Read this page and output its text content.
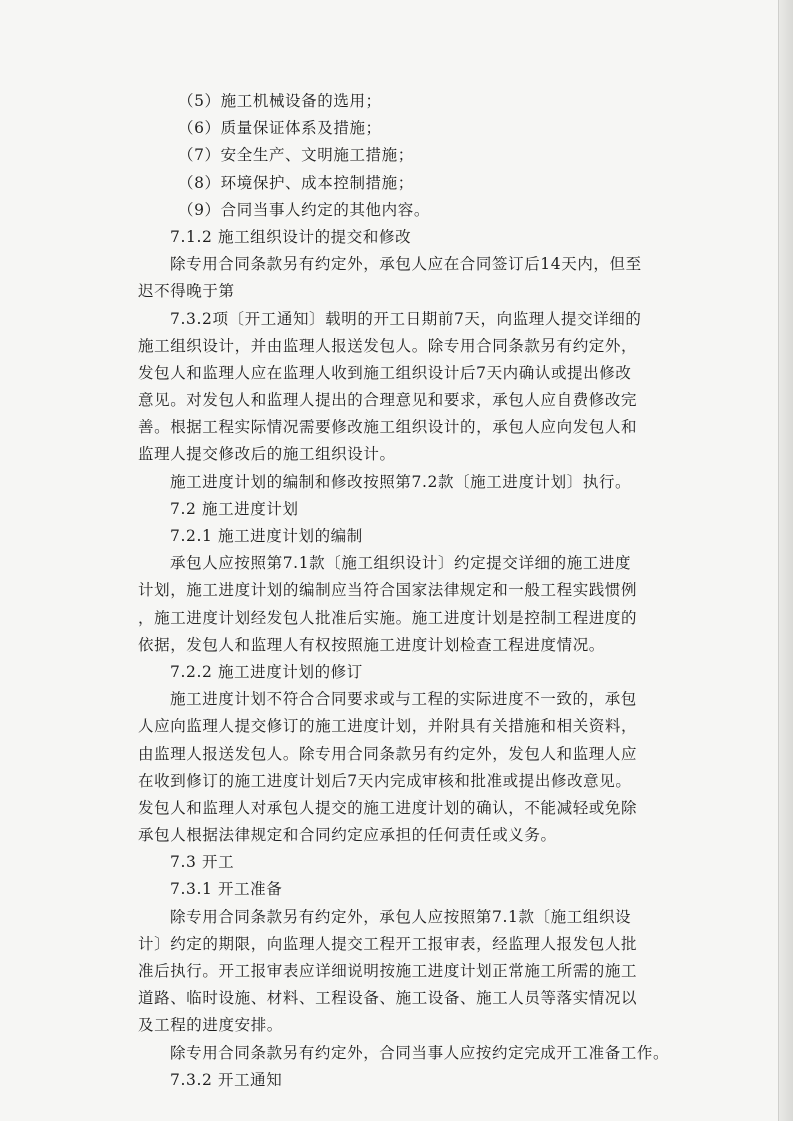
（5）施工机械设备的选用；
（6）质量保证体系及措施；
（7）安全生产、文明施工措施；
（8）环境保护、成本控制措施；
（9）合同当事人约定的其他内容。
7.1.2 施工组织设计的提交和修改
除专用合同条款另有约定外，承包人应在合同签订后14天内，但至
迟不得晚于第
7.3.2项〔开工通知〕载明的开工日期前7天，向监理人提交详细的
施工组织设计，并由监理人报送发包人。除专用合同条款另有约定外，
发包人和监理人应在监理人收到施工组织设计后7天内确认或提出修改
意见。对发包人和监理人提出的合理意见和要求，承包人应自费修改完
善。根据工程实际情况需要修改施工组织设计的，承包人应向发包人和
监理人提交修改后的施工组织设计。
施工进度计划的编制和修改按照第7.2款〔施工进度计划〕执行。
7.2 施工进度计划
7.2.1 施工进度计划的编制
承包人应按照第7.1款〔施工组织设计〕约定提交详细的施工进度
计划，施工进度计划的编制应当符合国家法律规定和一般工程实践惯例
，施工进度计划经发包人批准后实施。施工进度计划是控制工程进度的
依据，发包人和监理人有权按照施工进度计划检查工程进度情况。
7.2.2 施工进度计划的修订
施工进度计划不符合合同要求或与工程的实际进度不一致的，承包
人应向监理人提交修订的施工进度计划，并附具有关措施和相关资料，
由监理人报送发包人。除专用合同条款另有约定外，发包人和监理人应
在收到修订的施工进度计划后7天内完成审核和批准或提出修改意见。
发包人和监理人对承包人提交的施工进度计划的确认，不能减轻或免除
承包人根据法律规定和合同约定应承担的任何责任或义务。
7.3 开工
7.3.1 开工准备
除专用合同条款另有约定外，承包人应按照第7.1款〔施工组织设
计〕约定的期限，向监理人提交工程开工报审表，经监理人报发包人批
准后执行。开工报审表应详细说明按施工进度计划正常施工所需的施工
道路、临时设施、材料、工程设备、施工设备、施工人员等落实情况以
及工程的进度安排。
除专用合同条款另有约定外，合同当事人应按约定完成开工准备工作。
7.3.2 开工通知
